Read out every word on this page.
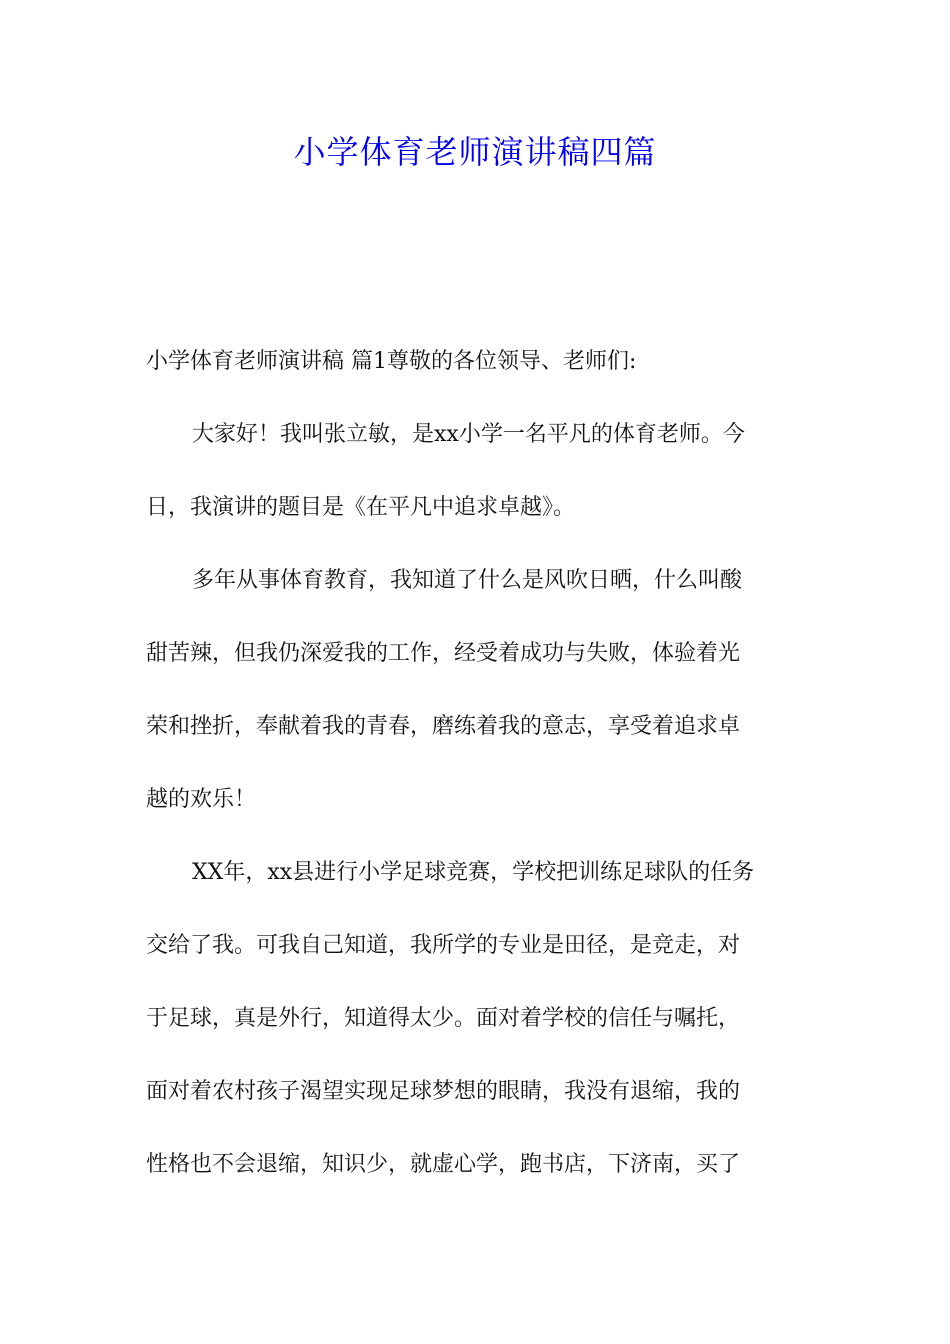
小学体育老师演讲稿四篇
小学体育老师演讲稿 篇1尊敬的各位领导、老师们:
大家好！我叫张立敏，是xx小学一名平凡的体育老师。今
日，我演讲的题目是《在平凡中追求卓越》。
多年从事体育教育，我知道了什么是风吹日晒，什么叫酸
甜苦辣，但我仍深爱我的工作，经受着成功与失败，体验着光
荣和挫折，奉献着我的青春，磨练着我的意志，享受着追求卓
越的欢乐！
XX年，xx县进行小学足球竞赛，学校把训练足球队的任务
交给了我。可我自己知道，我所学的专业是田径，是竞走，对
于足球，真是外行，知道得太少。面对着学校的信任与嘱托，
面对着农村孩子渴望实现足球梦想的眼睛，我没有退缩，我的
性格也不会退缩，知识少，就虚心学，跑书店，下济南，买了
